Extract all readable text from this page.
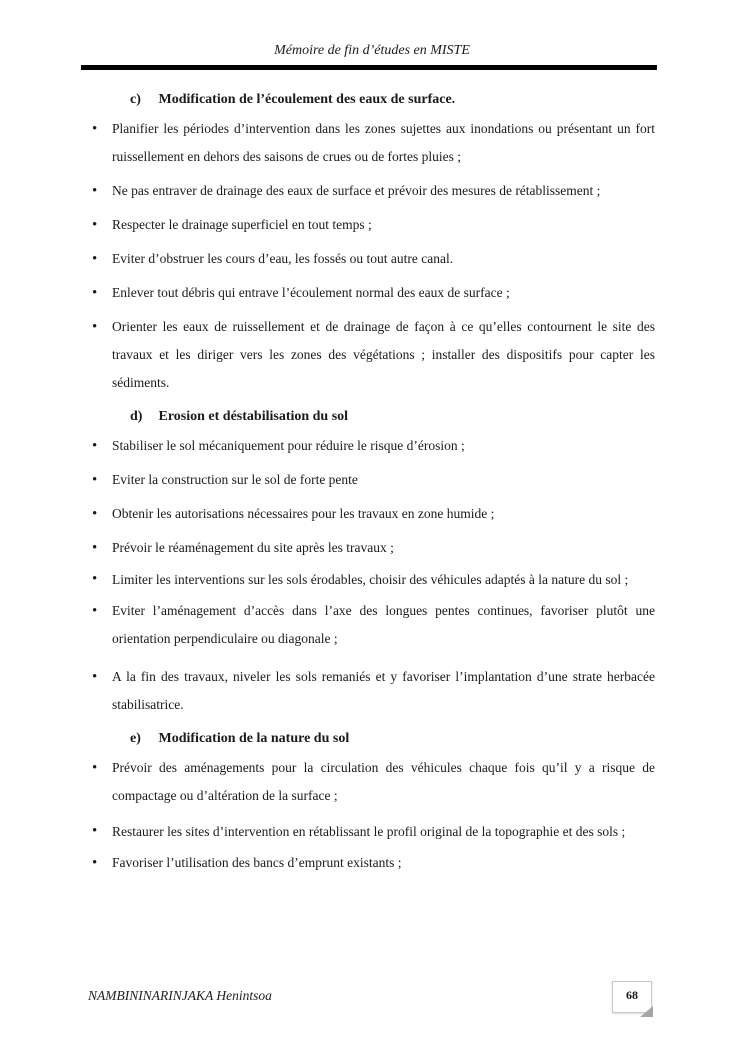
Mémoire de fin d’études en MISTE

c) Modification de l’écoulement des eaux de surface.

• Planifier les périodes d’intervention dans les zones sujettes aux inondations ou présentant un fort ruissellement en dehors des saisons de crues ou de fortes pluies ;
• Ne pas entraver de drainage des eaux de surface et prévoir des mesures de rétablissement ;
• Respecter le drainage superficiel en tout temps ;
• Eviter d’obstruer les cours d’eau, les fossés ou tout autre canal.
• Enlever tout débris qui entrave l’écoulement normal des eaux de surface ;
• Orienter les eaux de ruissellement et de drainage de façon à ce qu’elles contournent le site des travaux et les diriger vers les zones des végétations ; installer des dispositifs pour capter les sédiments.

d) Erosion et déstabilisation du sol

• Stabiliser le sol mécaniquement pour réduire le risque d’érosion ;
• Eviter la construction sur le sol de forte pente
• Obtenir les autorisations nécessaires pour les travaux en zone humide ;
• Prévoir le réaménagement du site après les travaux ;
• Limiter les interventions sur les sols érodables, choisir des véhicules adaptés à la nature du sol ;
• Eviter l’aménagement d’accès dans l’axe des longues pentes continues, favoriser plutôt une orientation perpendiculaire ou diagonale ;
• A la fin des travaux, niveler les sols remaniés et y favoriser l’implantation d’une strate herbacée stabilisatrice.

e) Modification de la nature du sol

• Prévoir des aménagements pour la circulation des véhicules chaque fois qu’il y a risque de compactage ou d’altération de la surface ;
• Restaurer les sites d’intervention en rétablissant le profil original de la topographie et des sols ;
• Favoriser l’utilisation des bancs d’emprunt existants ;
NAMBININARINJAKA Henintsoa	68
